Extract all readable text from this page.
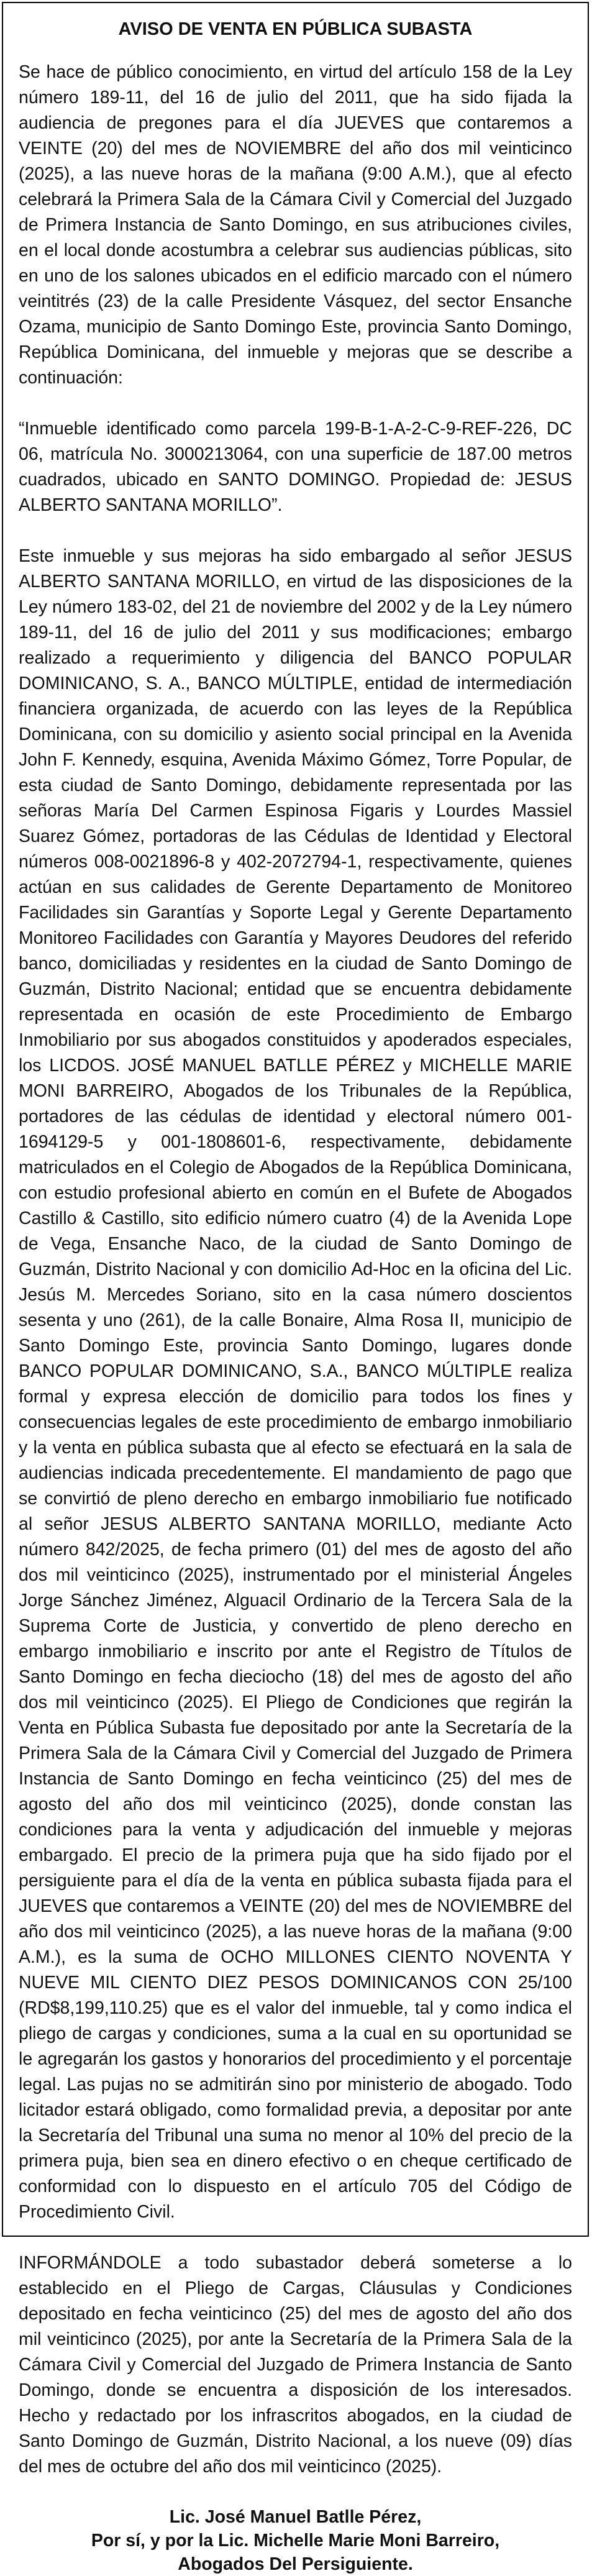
AVISO DE VENTA EN PÚBLICA SUBASTA

Se hace de público conocimiento, en virtud del artículo 158 de la Ley número 189-11, del 16 de julio del 2011, que ha sido fijada la audiencia de pregones para el día JUEVES que contaremos a VEINTE (20) del mes de NOVIEMBRE del año dos mil veinticinco (2025), a las nueve horas de la mañana (9:00 A.M.), que al efecto celebrará la Primera Sala de la Cámara Civil y Comercial del Juzgado de Primera Instancia de Santo Domingo, en sus atribuciones civiles, en el local donde acostumbra a celebrar sus audiencias públicas, sito en uno de los salones ubicados en el edificio marcado con el número veintitrés (23) de la calle Presidente Vásquez, del sector Ensanche Ozama, municipio de Santo Domingo Este, provincia Santo Domingo, República Dominicana, del inmueble y mejoras que se describe a continuación:

“Inmueble identificado como parcela 199-B-1-A-2-C-9-REF-226, DC 06, matrícula No. 3000213064, con una superficie de 187.00 metros cuadrados, ubicado en SANTO DOMINGO. Propiedad de: JESUS ALBERTO SANTANA MORILLO”.

Este inmueble y sus mejoras ha sido embargado al señor JESUS ALBERTO SANTANA MORILLO, en virtud de las disposiciones de la Ley número 183-02, del 21 de noviembre del 2002 y de la Ley número 189-11, del 16 de julio del 2011 y sus modificaciones; embargo realizado a requerimiento y diligencia del BANCO POPULAR DOMINICANO, S. A., BANCO MÚLTIPLE, entidad de intermediación financiera organizada, de acuerdo con las leyes de la República Dominicana, con su domicilio y asiento social principal en la Avenida John F. Kennedy, esquina, Avenida Máximo Gómez, Torre Popular, de esta ciudad de Santo Domingo, debidamente representada por las señoras María Del Carmen Espinosa Figaris y Lourdes Massiel Suarez Gómez, portadoras de las Cédulas de Identidad y Electoral números 008-0021896-8 y 402-2072794-1, respectivamente, quienes actúan en sus calidades de Gerente Departamento de Monitoreo Facilidades sin Garantías y Soporte Legal y Gerente Departamento Monitoreo Facilidades con Garantía y Mayores Deudores del referido banco, domiciliadas y residentes en la ciudad de Santo Domingo de Guzmán, Distrito Nacional; entidad que se encuentra debidamente representada en ocasión de este Procedimiento de Embargo Inmobiliario por sus abogados constituidos y apoderados especiales, los LICDOS. JOSÉ MANUEL BATLLE PÉREZ y MICHELLE MARIE MONI BARREIRO, Abogados de los Tribunales de la República, portadores de las cédulas de identidad y electoral número 001-1694129-5 y 001-1808601-6, respectivamente, debidamente matriculados en el Colegio de Abogados de la República Dominicana, con estudio profesional abierto en común en el Bufete de Abogados Castillo & Castillo, sito edificio número cuatro (4) de la Avenida Lope de Vega, Ensanche Naco, de la ciudad de Santo Domingo de Guzmán, Distrito Nacional y con domicilio Ad-Hoc en la oficina del Lic. Jesús M. Mercedes Soriano, sito en la casa número doscientos sesenta y uno (261), de la calle Bonaire, Alma Rosa II, municipio de Santo Domingo Este, provincia Santo Domingo, lugares donde BANCO POPULAR DOMINICANO, S.A., BANCO MÚLTIPLE realiza formal y expresa elección de domicilio para todos los fines y consecuencias legales de este procedimiento de embargo inmobiliario y la venta en pública subasta que al efecto se efectuará en la sala de audiencias indicada precedentemente. El mandamiento de pago que se convirtió de pleno derecho en embargo inmobiliario fue notificado al señor JESUS ALBERTO SANTANA MORILLO, mediante Acto número 842/2025, de fecha primero (01) del mes de agosto del año dos mil veinticinco (2025), instrumentado por el ministerial Ángeles Jorge Sánchez Jiménez, Alguacil Ordinario de la Tercera Sala de la Suprema Corte de Justicia, y convertido de pleno derecho en embargo inmobiliario e inscrito por ante el Registro de Títulos de Santo Domingo en fecha dieciocho (18) del mes de agosto del año dos mil veinticinco (2025). El Pliego de Condiciones que regirán la Venta en Pública Subasta fue depositado por ante la Secretaría de la Primera Sala de la Cámara Civil y Comercial del Juzgado de Primera Instancia de Santo Domingo en fecha veinticinco (25) del mes de agosto del año dos mil veinticinco (2025), donde constan las condiciones para la venta y adjudicación del inmueble y mejoras embargado. El precio de la primera puja que ha sido fijado por el persiguiente para el día de la venta en pública subasta fijada para el JUEVES que contaremos a VEINTE (20) del mes de NOVIEMBRE del año dos mil veinticinco (2025), a las nueve horas de la mañana (9:00 A.M.), es la suma de OCHO MILLONES CIENTO NOVENTA Y NUEVE MIL CIENTO DIEZ PESOS DOMINICANOS CON 25/100 (RD$8,199,110.25) que es el valor del inmueble, tal y como indica el pliego de cargas y condiciones, suma a la cual en su oportunidad se le agregarán los gastos y honorarios del procedimiento y el porcentaje legal. Las pujas no se admitirán sino por ministerio de abogado. Todo licitador estará obligado, como formalidad previa, a depositar por ante la Secretaría del Tribunal una suma no menor al 10% del precio de la primera puja, bien sea en dinero efectivo o en cheque certificado de conformidad con lo dispuesto en el artículo 705 del Código de Procedimiento Civil.

INFORMÁNDOLE a todo subastador deberá someterse a lo establecido en el Pliego de Cargas, Cláusulas y Condiciones depositado en fecha veinticinco (25) del mes de agosto del año dos mil veinticinco (2025), por ante la Secretaría de la Primera Sala de la Cámara Civil y Comercial del Juzgado de Primera Instancia de Santo Domingo, donde se encuentra a disposición de los interesados. Hecho y redactado por los infrascritos abogados, en la ciudad de Santo Domingo de Guzmán, Distrito Nacional, a los nueve (09) días del mes de octubre del año dos mil veinticinco (2025).

Lic. José Manuel Batlle Pérez,
Por sí, y por la Lic. Michelle Marie Moni Barreiro,
Abogados Del Persiguiente.
